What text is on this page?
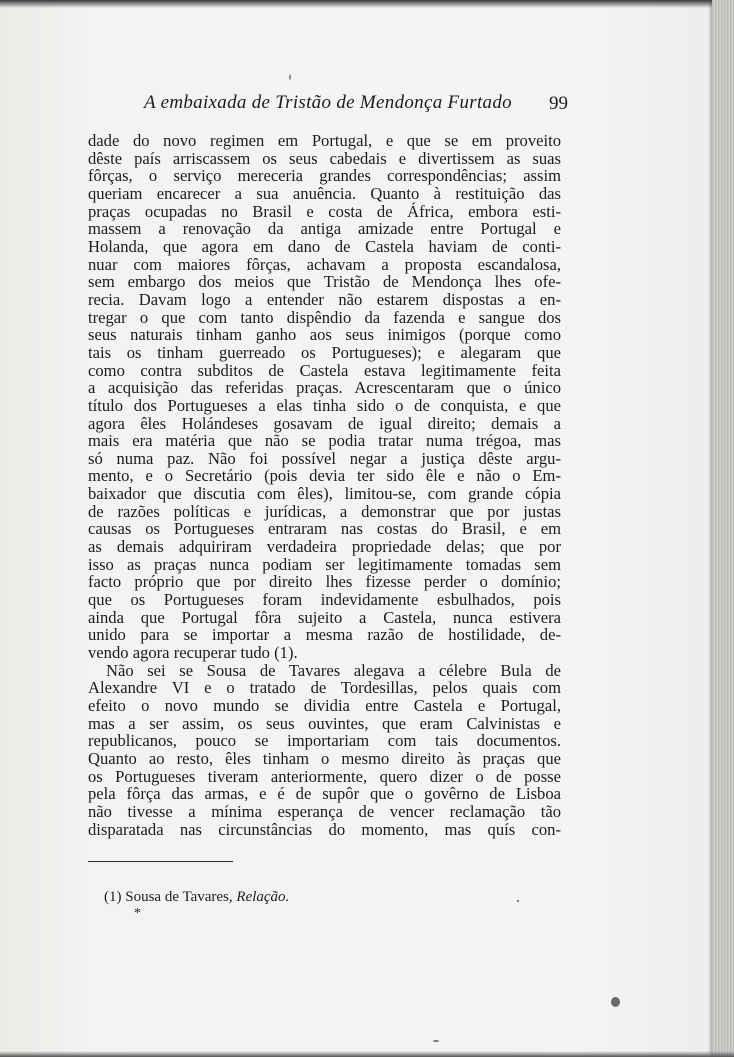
A embaixada de Tristão de Mendonça Furtado 99
dade do novo regimen em Portugal, e que se em proveito
dêste país arriscassem os seus cabedais e divertissem as suas
fôrças, o serviço mereceria grandes correspondências; assim
queriam encarecer a sua anuência. Quanto à restituição das
praças ocupadas no Brasil e costa de África, embora esti-
massem a renovação da antiga amizade entre Portugal e
Holanda, que agora em dano de Castela haviam de conti-
nuar com maiores fôrças, achavam a proposta escandalosa,
sem embargo dos meios que Tristão de Mendonça lhes ofe-
recia. Davam logo a entender não estarem dispostas a en-
tregar o que com tanto dispêndio da fazenda e sangue dos
seus naturais tinham ganho aos seus inimigos (porque como
tais os tinham guerreado os Portugueses); e alegaram que
como contra subditos de Castela estava legitimamente feita
a acquisição das referidas praças. Acrescentaram que o único
título dos Portugueses a elas tinha sido o de conquista, e que
agora êles Holándeses gosavam de igual direito; demais a
mais era matéria que não se podia tratar numa trégoa, mas
só numa paz. Não foi possível negar a justiça dêste argu-
mento, e o Secretário (pois devia ter sido êle e não o Em-
baixador que discutia com êles), limitou-se, com grande cópia
de razões políticas e jurídicas, a demonstrar que por justas
causas os Portugueses entraram nas costas do Brasil, e em
as demais adquiriram verdadeira propriedade delas; que por
isso as praças nunca podiam ser legitimamente tomadas sem
facto próprio que por direito lhes fizesse perder o domínio;
que os Portugueses foram indevidamente esbulhados, pois
ainda que Portugal fôra sujeito a Castela, nunca estivera
unido para se importar a mesma razão de hostilidade, de-
vendo agora recuperar tudo (1).
Não sei se Sousa de Tavares alegava a célebre Bula de
Alexandre VI e o tratado de Tordesillas, pelos quais com
efeito o novo mundo se dividia entre Castela e Portugal,
mas a ser assim, os seus ouvintes, que eram Calvinistas e
republicanos, pouco se importariam com tais documentos.
Quanto ao resto, êles tinham o mesmo direito às praças que
os Portugueses tiveram anteriormente, quero dizer o de posse
pela fôrça das armas, e é de supôr que o govêrno de Lisboa
não tivesse a mínima esperança de vencer reclamação tão
disparatada nas circunstâncias do momento, mas quís con-
(1) Sousa de Tavares, Relação.
*
